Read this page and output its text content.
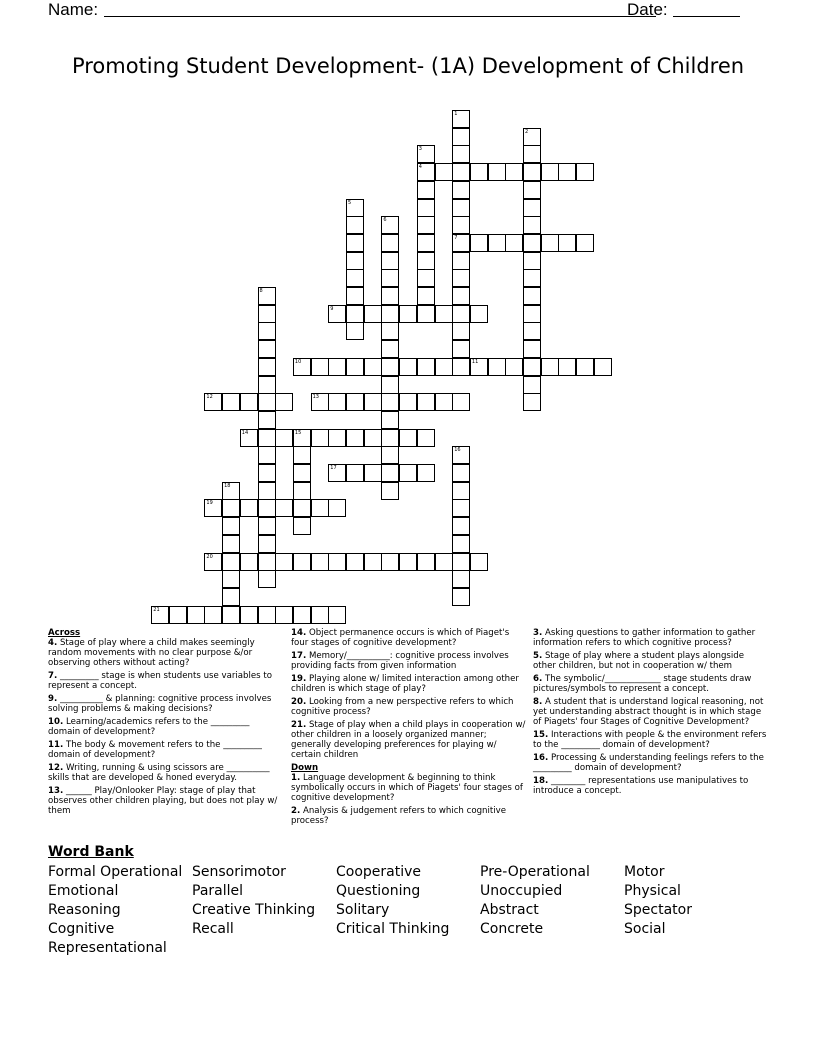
Name:	Date:
Promoting Student Development- (1A) Development of Children
4
7
9
10	11
12	13
14
17
19
20
21
1
2
3
5
6
8
15
16
18
Across
4. Stage of play where a child makes seemingly random movements with no clear purpose &/or observing others without acting?
7. _________ stage is when students use variables to represent a concept.
9. __________ & planning: cognitive process involves solving problems & making decisions?
10. Learning/academics refers to the _________ domain of development?
11. The body & movement refers to the _________ domain of development?
12. Writing, running & using scissors are __________ skills that are developed & honed everyday.
13. ______ Play/Onlooker Play: stage of play that observes other children playing, but does not play w/ them
14. Object permanence occurs is which of Piaget's four stages of cognitive development?
17. Memory/__________: cognitive process involves providing facts from given information
19. Playing alone w/ limited interaction among other children is which stage of play?
20. Looking from a new perspective refers to which cognitive process?
21. Stage of play when a child plays in cooperation w/ other children in a loosely organized manner; generally developing preferences for playing w/ certain children
Down
1. Language development & beginning to think symbolically occurs in which of Piagets' four stages of cognitive development?
2. Analysis & judgement refers to which cognitive process?
3. Asking questions to gather information to gather information refers to which cognitive process?
5. Stage of play where a student plays alongside other children, but not in cooperation w/ them
6. The symbolic/_____________ stage students draw pictures/symbols to represent a concept.
8. A student that is understand logical reasoning, not yet understanding abstract thought is in which stage of Piagets' four Stages of Cognitive Development?
15. Interactions with people & the environment refers to the _________ domain of development?
16. Processing & understanding feelings refers to the _________ domain of development?
18. ________ representations use manipulatives to introduce a concept.
Word Bank
Formal Operational Sensorimotor	Cooperative	Pre-Operational	Motor
Emotional	Parallel	Questioning	Unoccupied	Physical
Reasoning	Creative Thinking	Solitary	Abstract	Spectator
Cognitive	Recall	Critical Thinking	Concrete	Social
Representational
